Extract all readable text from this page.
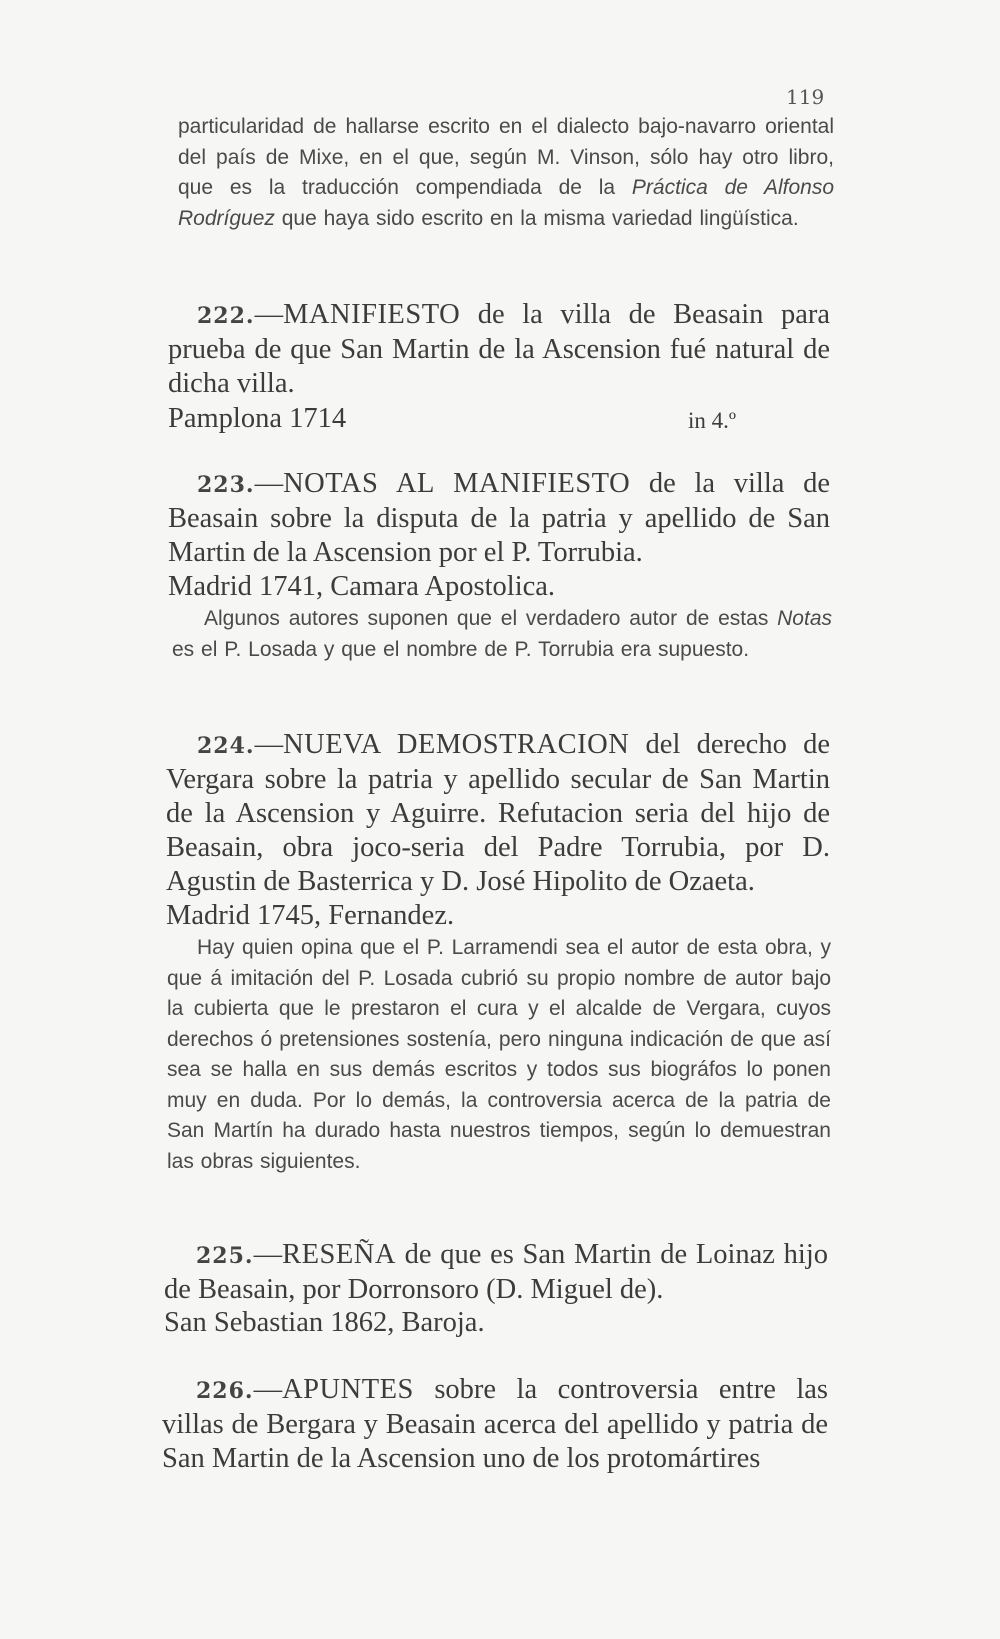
119
particularidad de hallarse escrito en el dialecto bajo-navarro oriental del país de Mixe, en el que, según M. Vinson, sólo hay otro libro, que es la traducción compendiada de la Práctica de Alfonso Rodríguez que haya sido escrito en la misma variedad lingüística.
222.—MANIFIESTO de la villa de Beasain para prueba de que San Martin de la Ascension fué natural de dicha villa.
Pamplona 1714	in 4.º
223.—NOTAS AL MANIFIESTO de la villa de Beasain sobre la disputa de la patria y apellido de San Martin de la Ascension por el P. Torrubia.
Madrid 1741, Camara Apostolica.
Algunos autores suponen que el verdadero autor de estas Notas es el P. Losada y que el nombre de P. Torrubia era supuesto.
224.—NUEVA DEMOSTRACION del derecho de Vergara sobre la patria y apellido secular de San Martin de la Ascension y Aguirre. Refutacion seria del hijo de Beasain, obra joco-seria del Padre Torrubia, por D. Agustin de Basterrica y D. José Hipolito de Ozaeta.
Madrid 1745, Fernandez.
Hay quien opina que el P. Larramendi sea el autor de esta obra, y que á imitación del P. Losada cubrió su propio nombre de autor bajo la cubierta que le prestaron el cura y el alcalde de Vergara, cuyos derechos ó pretensiones sostenía, pero ninguna indicación de que así sea se halla en sus demás escritos y todos sus biográfos lo ponen muy en duda. Por lo demás, la controversia acerca de la patria de San Martín ha durado hasta nuestros tiempos, según lo demuestran las obras siguientes.
225.—RESEÑA de que es San Martin de Loinaz hijo de Beasain, por Dorronsoro (D. Miguel de).
San Sebastian 1862, Baroja.
226.—APUNTES sobre la controversia entre las villas de Bergara y Beasain acerca del apellido y patria de San Martin de la Ascension uno de los protomártires
